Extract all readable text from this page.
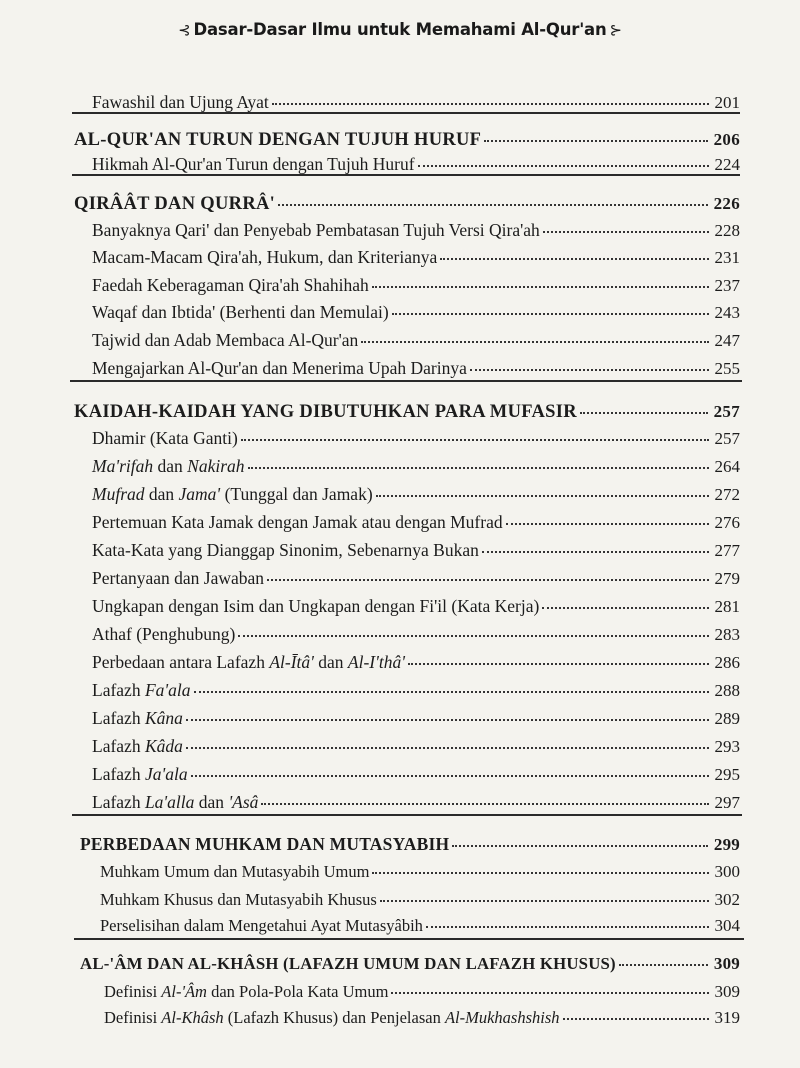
⊰ Dasar-Dasar Ilmu untuk Memahami Al-Qur'an ⊱
Fawashil dan Ujung Ayat	201
AL-QUR'AN TURUN DENGAN TUJUH HURUF	206
Hikmah Al-Qur'an Turun dengan Tujuh Huruf	224
QIRÂÂT DAN QURRÂ'	226
Banyaknya Qari' dan Penyebab Pembatasan Tujuh Versi Qira'ah	228
Macam-Macam Qira'ah, Hukum, dan Kriterianya	231
Faedah Keberagaman Qira'ah Shahihah	237
Waqaf dan Ibtida' (Berhenti dan Memulai)	243
Tajwid dan Adab Membaca Al-Qur'an	247
Mengajarkan Al-Qur'an dan Menerima Upah Darinya	255
KAIDAH-KAIDAH YANG DIBUTUHKAN PARA MUFASIR	257
Dhamir (Kata Ganti)	257
Ma'rifah dan Nakirah	264
Mufrad dan Jama' (Tunggal dan Jamak)	272
Pertemuan Kata Jamak dengan Jamak atau dengan Mufrad	276
Kata-Kata yang Dianggap Sinonim, Sebenarnya Bukan	277
Pertanyaan dan Jawaban	279
Ungkapan dengan Isim dan Ungkapan dengan Fi'il (Kata Kerja)	281
Athaf (Penghubung)	283
Perbedaan antara Lafazh Al-Ītâ' dan Al-I'thâ'	286
Lafazh Fa'ala	288
Lafazh Kâna	289
Lafazh Kâda	293
Lafazh Ja'ala	295
Lafazh La'alla dan 'Asâ	297
PERBEDAAN MUHKAM DAN MUTASYABIH	299
Muhkam Umum dan Mutasyabih Umum	300
Muhkam Khusus dan Mutasyabih Khusus	302
Perselisihan dalam Mengetahui Ayat Mutasyâbih	304
AL-'ÂM DAN AL-KHÂSH (LAFAZH UMUM DAN LAFAZH KHUSUS)	309
Definisi Al-'Âm dan Pola-Pola Kata Umum	309
Definisi Al-Khâsh (Lafazh Khusus) dan Penjelasan Al-Mukhashshish	319
